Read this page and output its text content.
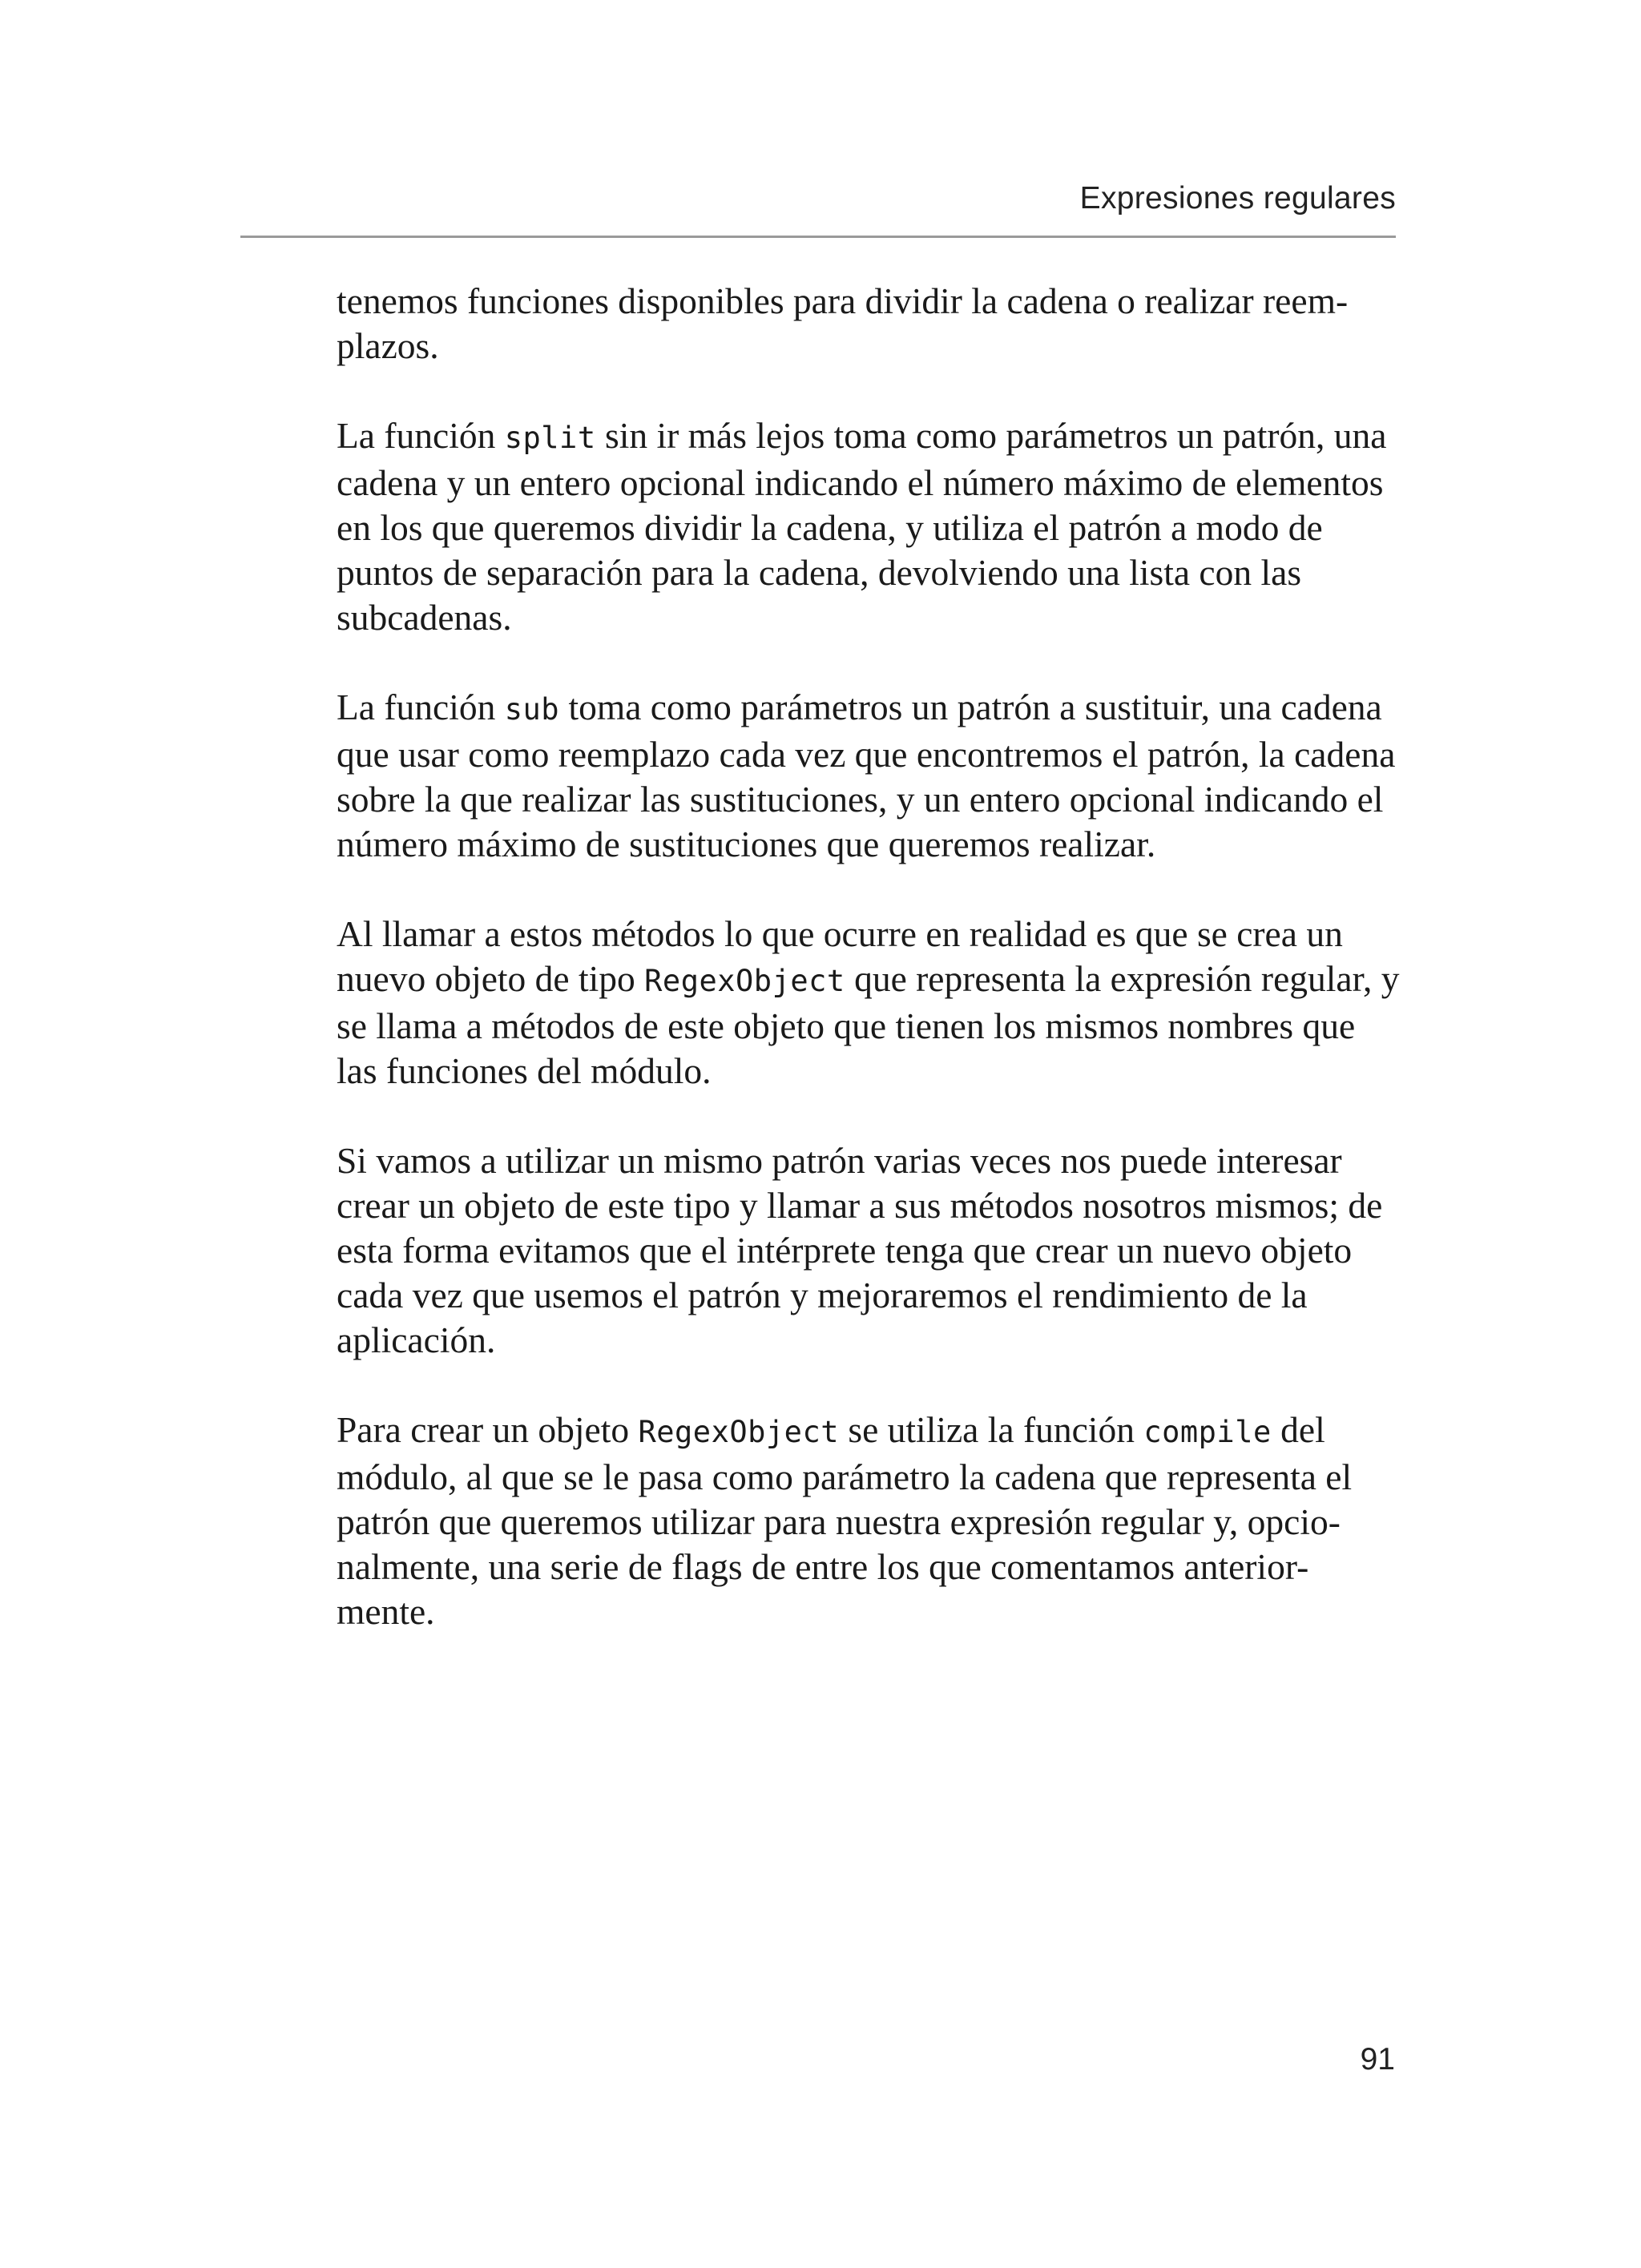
Expresiones regulares

tenemos funciones disponibles para dividir la cadena o realizar reem-plazos.

La función split sin ir más lejos toma como parámetros un patrón, una cadena y un entero opcional indicando el número máximo de elementos en los que queremos dividir la cadena, y utiliza el patrón a modo de puntos de separación para la cadena, devolviendo una lista con las subcadenas.

La función sub toma como parámetros un patrón a sustituir, una cadena que usar como reemplazo cada vez que encontremos el patrón, la cadena sobre la que realizar las sustituciones, y un entero opcional indicando el número máximo de sustituciones que queremos realizar.

Al llamar a estos métodos lo que ocurre en realidad es que se crea un nuevo objeto de tipo RegexObject que representa la expresión regular, y se llama a métodos de este objeto que tienen los mismos nombres que las funciones del módulo.

Si vamos a utilizar un mismo patrón varias veces nos puede interesar crear un objeto de este tipo y llamar a sus métodos nosotros mismos; de esta forma evitamos que el intérprete tenga que crear un nuevo objeto cada vez que usemos el patrón y mejoraremos el rendimiento de la aplicación.

Para crear un objeto RegexObject se utiliza la función compile del módulo, al que se le pasa como parámetro la cadena que representa el patrón que queremos utilizar para nuestra expresión regular y, opcio-nalmente, una serie de flags de entre los que comentamos anterior-mente.

91
